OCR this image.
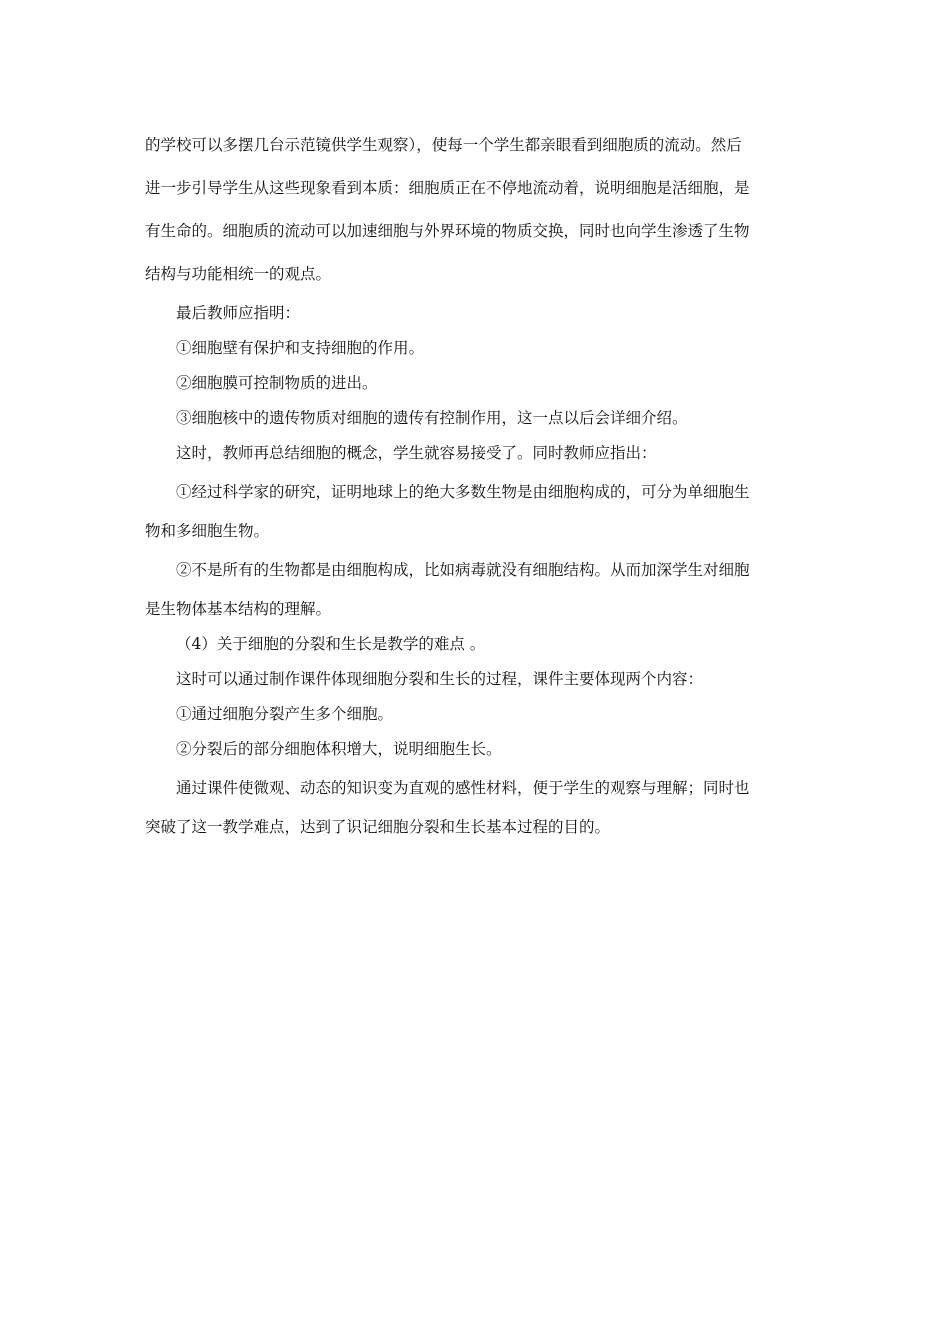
的学校可以多摆几台示范镜供学生观察），使每一个学生都亲眼看到细胞质的流动。然后

进一步引导学生从这些现象看到本质：细胞质正在不停地流动着，说明细胞是活细胞，是

有生命的。细胞质的流动可以加速细胞与外界环境的物质交换，同时也向学生渗透了生物

结构与功能相统一的观点。

最后教师应指明：

①细胞壁有保护和支持细胞的作用。

②细胞膜可控制物质的进出。

③细胞核中的遗传物质对细胞的遗传有控制作用，这一点以后会详细介绍。

这时，教师再总结细胞的概念，学生就容易接受了。同时教师应指出：

①经过科学家的研究，证明地球上的绝大多数生物是由细胞构成的，可分为单细胞生

物和多细胞生物。

②不是所有的生物都是由细胞构成，比如病毒就没有细胞结构。从而加深学生对细胞

是生物体基本结构的理解。

（4）关于细胞的分裂和生长是教学的难点 。

这时可以通过制作课件体现细胞分裂和生长的过程，课件主要体现两个内容：

①通过细胞分裂产生多个细胞。

②分裂后的部分细胞体积增大，说明细胞生长。

通过课件使微观、动态的知识变为直观的感性材料，便于学生的观察与理解；同时也

突破了这一教学难点，达到了识记细胞分裂和生长基本过程的目的。
